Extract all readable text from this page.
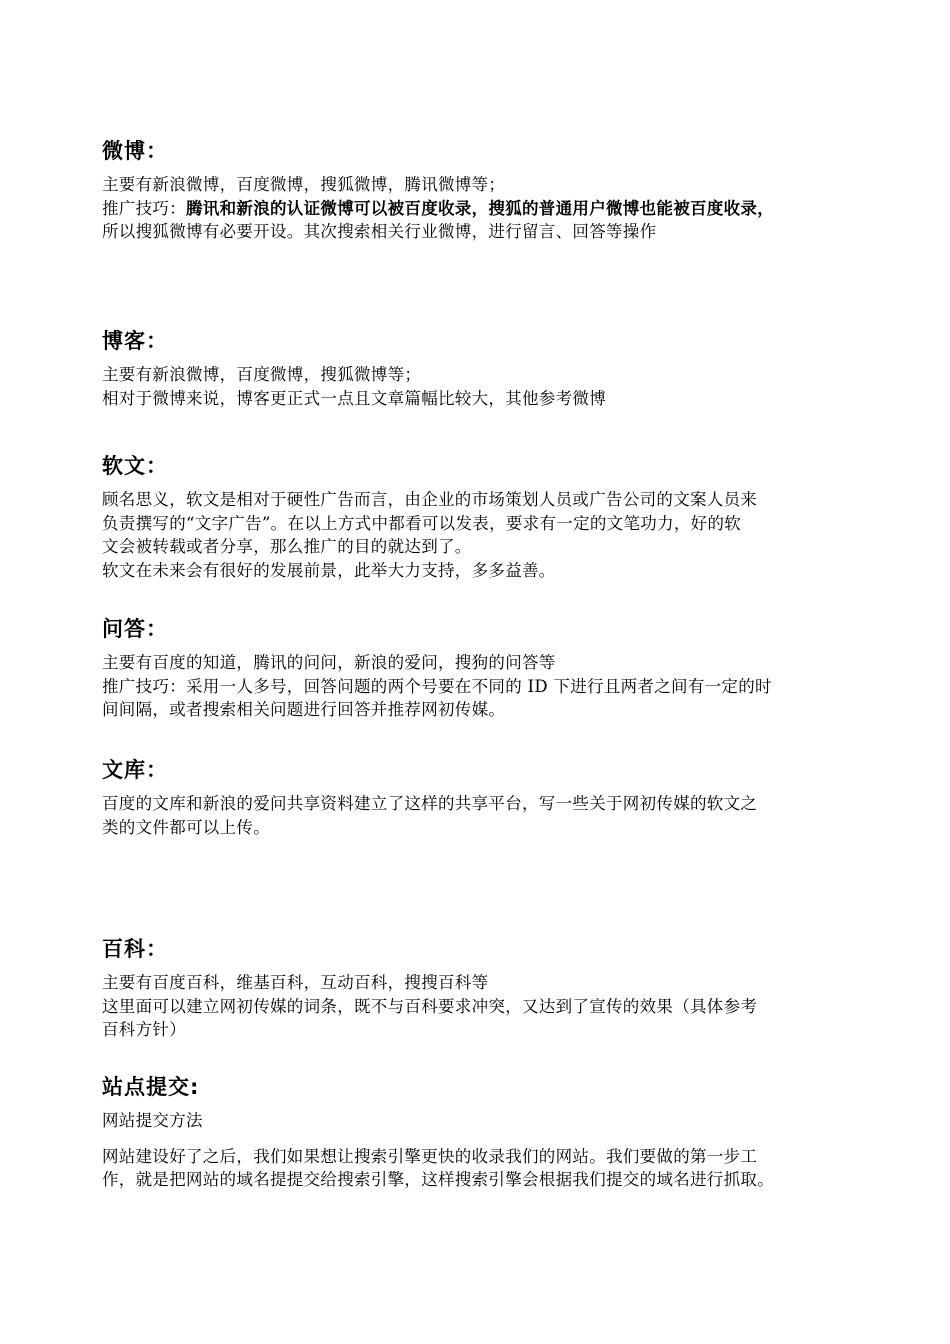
微博：

主要有新浪微博，百度微博，搜狐微博，腾讯微博等；

推广技巧：腾讯和新浪的认证微博可以被百度收录，搜狐的普通用户微博也能被百度收录，

所以搜狐微博有必要开设。其次搜索相关行业微博，进行留言、回答等操作

博客：

主要有新浪微博，百度微博，搜狐微博等；

相对于微博来说，博客更正式一点且文章篇幅比较大，其他参考微博

软文：

顾名思义，软文是相对于硬性广告而言，由企业的市场策划人员或广告公司的文案人员来

负责撰写的“文字广告”。在以上方式中都看可以发表，要求有一定的文笔功力，好的软

文会被转载或者分享，那么推广的目的就达到了。

软文在未来会有很好的发展前景，此举大力支持，多多益善。

问答：

主要有百度的知道，腾讯的问问，新浪的爱问，搜狗的问答等

推广技巧：采用一人多号，回答问题的两个号要在不同的 ID 下进行且两者之间有一定的时

间间隔，或者搜索相关问题进行回答并推荐网初传媒。

文库：

百度的文库和新浪的爱问共享资料建立了这样的共享平台，写一些关于网初传媒的软文之

类的文件都可以上传。

百科：

主要有百度百科，维基百科，互动百科，搜搜百科等

这里面可以建立网初传媒的词条，既不与百科要求冲突，又达到了宣传的效果（具体参考

百科方针）

站点提交:

网站提交方法

网站建设好了之后，我们如果想让搜索引擎更快的收录我们的网站。我们要做的第一步工

作，就是把网站的域名提提交给搜索引擎，这样搜索引擎会根据我们提交的域名进行抓取。
